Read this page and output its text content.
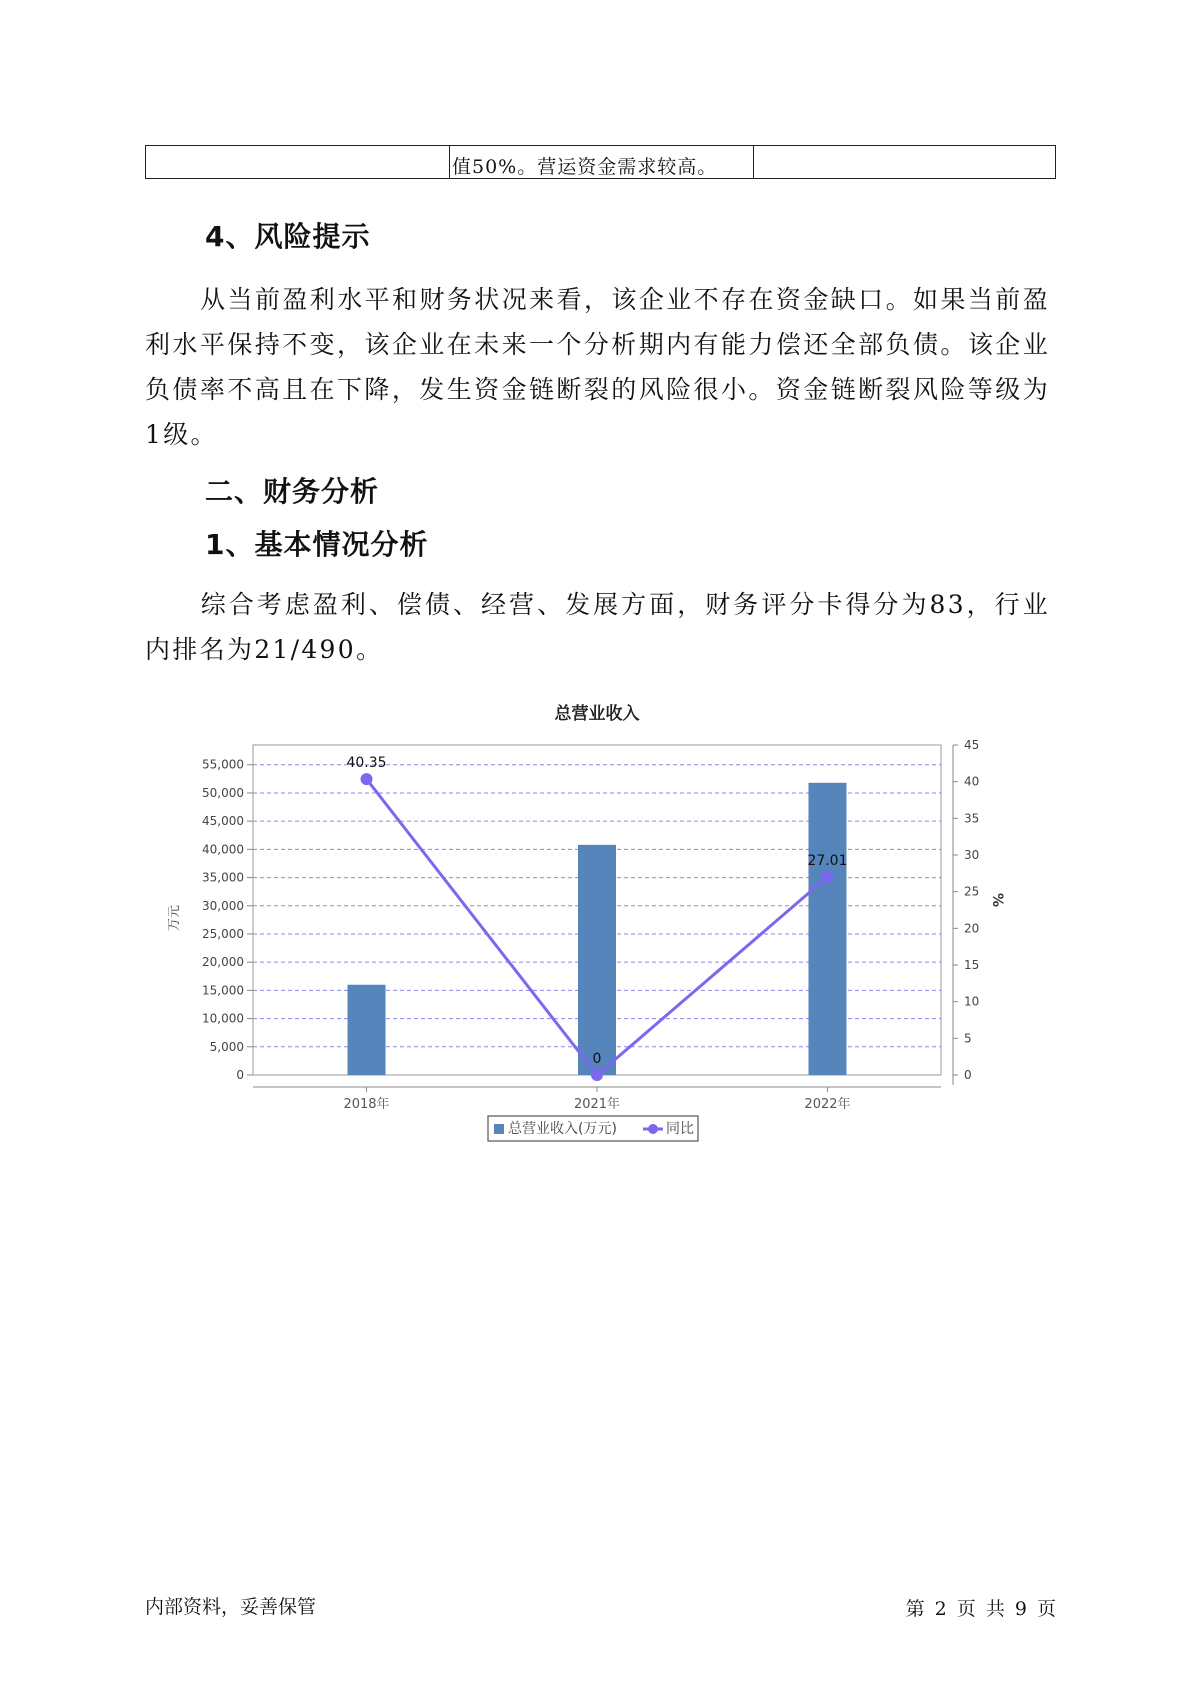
值50%。营运资金需求较高。
4、风险提示
从当前盈利水平和财务状况来看，该企业不存在资金缺口。如果当前盈利水平保持不变，该企业在未来一个分析期内有能力偿还全部负债。该企业负债率不高且在下降，发生资金链断裂的风险很小。资金链断裂风险等级为1级。
二、财务分析
1、基本情况分析
综合考虑盈利、偿债、经营、发展方面，财务评分卡得分为83，行业内排名为21/490。
总营业收入
0
5,000
10,000
15,000
20,000
25,000
30,000
35,000
40,000
45,000
50,000
55,000
0
5
10
15
20
25
30
35
40
45
2018年	2021年	2022年
万元
%
40.35
0
27.01
总营业收入(万元)	同比
内部资料，妥善保管	第 2 页 共 9 页
